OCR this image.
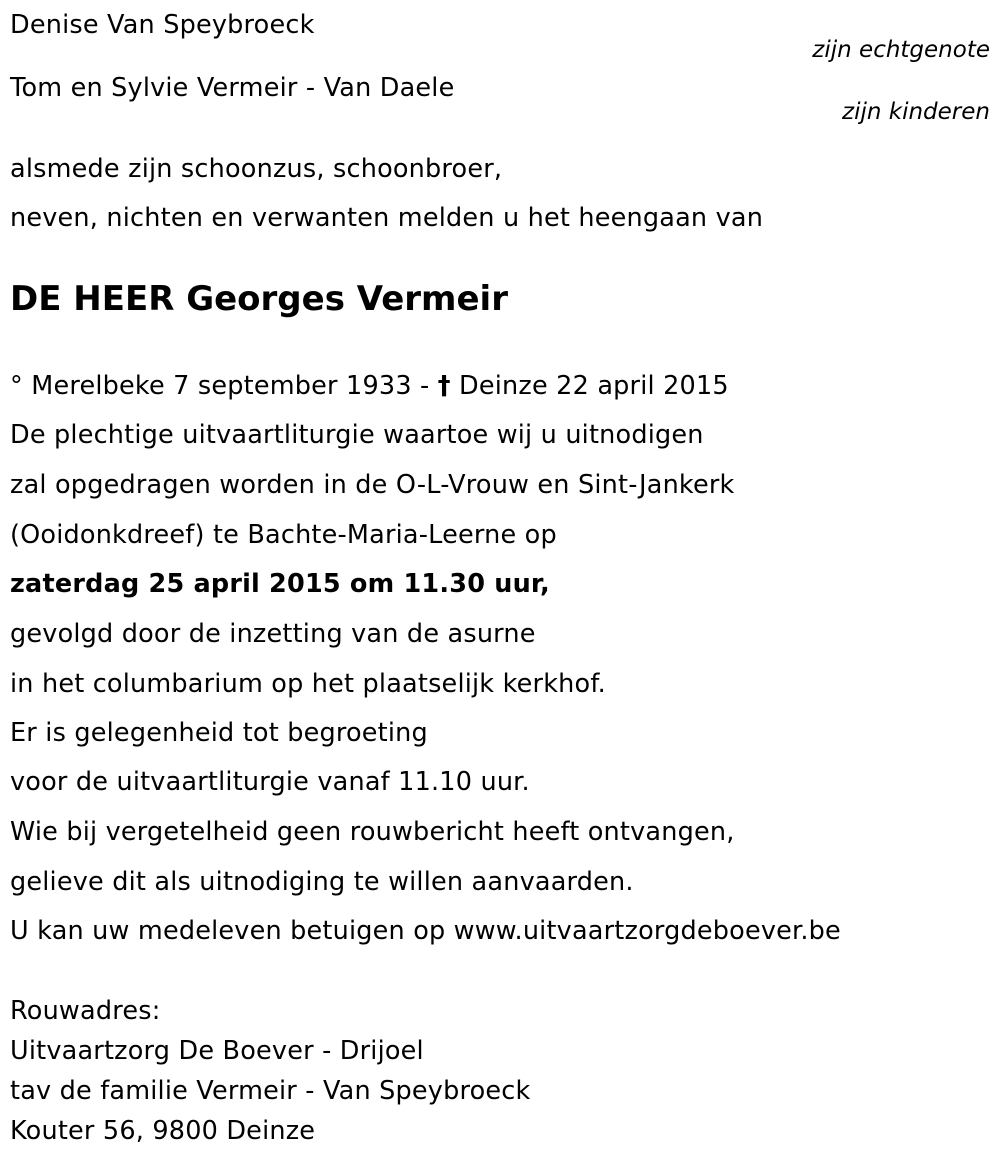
Denise Van Speybroeck
zijn echtgenote
Tom en Sylvie Vermeir - Van Daele
zijn kinderen
alsmede zijn schoonzus, schoonbroer,
neven, nichten en verwanten melden u het heengaan van
DE HEER Georges Vermeir
° Merelbeke 7 september 1933 - † Deinze 22 april 2015
De plechtige uitvaartliturgie waartoe wij u uitnodigen
zal opgedragen worden in de O-L-Vrouw en Sint-Jankerk
(Ooidonkdreef) te Bachte-Maria-Leerne op
zaterdag 25 april 2015 om 11.30 uur,
gevolgd door de inzetting van de asurne
in het columbarium op het plaatselijk kerkhof.
Er is gelegenheid tot begroeting
voor de uitvaartliturgie vanaf 11.10 uur.
Wie bij vergetelheid geen rouwbericht heeft ontvangen,
gelieve dit als uitnodiging te willen aanvaarden.
U kan uw medeleven betuigen op www.uitvaartzorgdeboever.be
Rouwadres:
Uitvaartzorg De Boever - Drijoel
tav de familie Vermeir - Van Speybroeck
Kouter 56, 9800 Deinze
